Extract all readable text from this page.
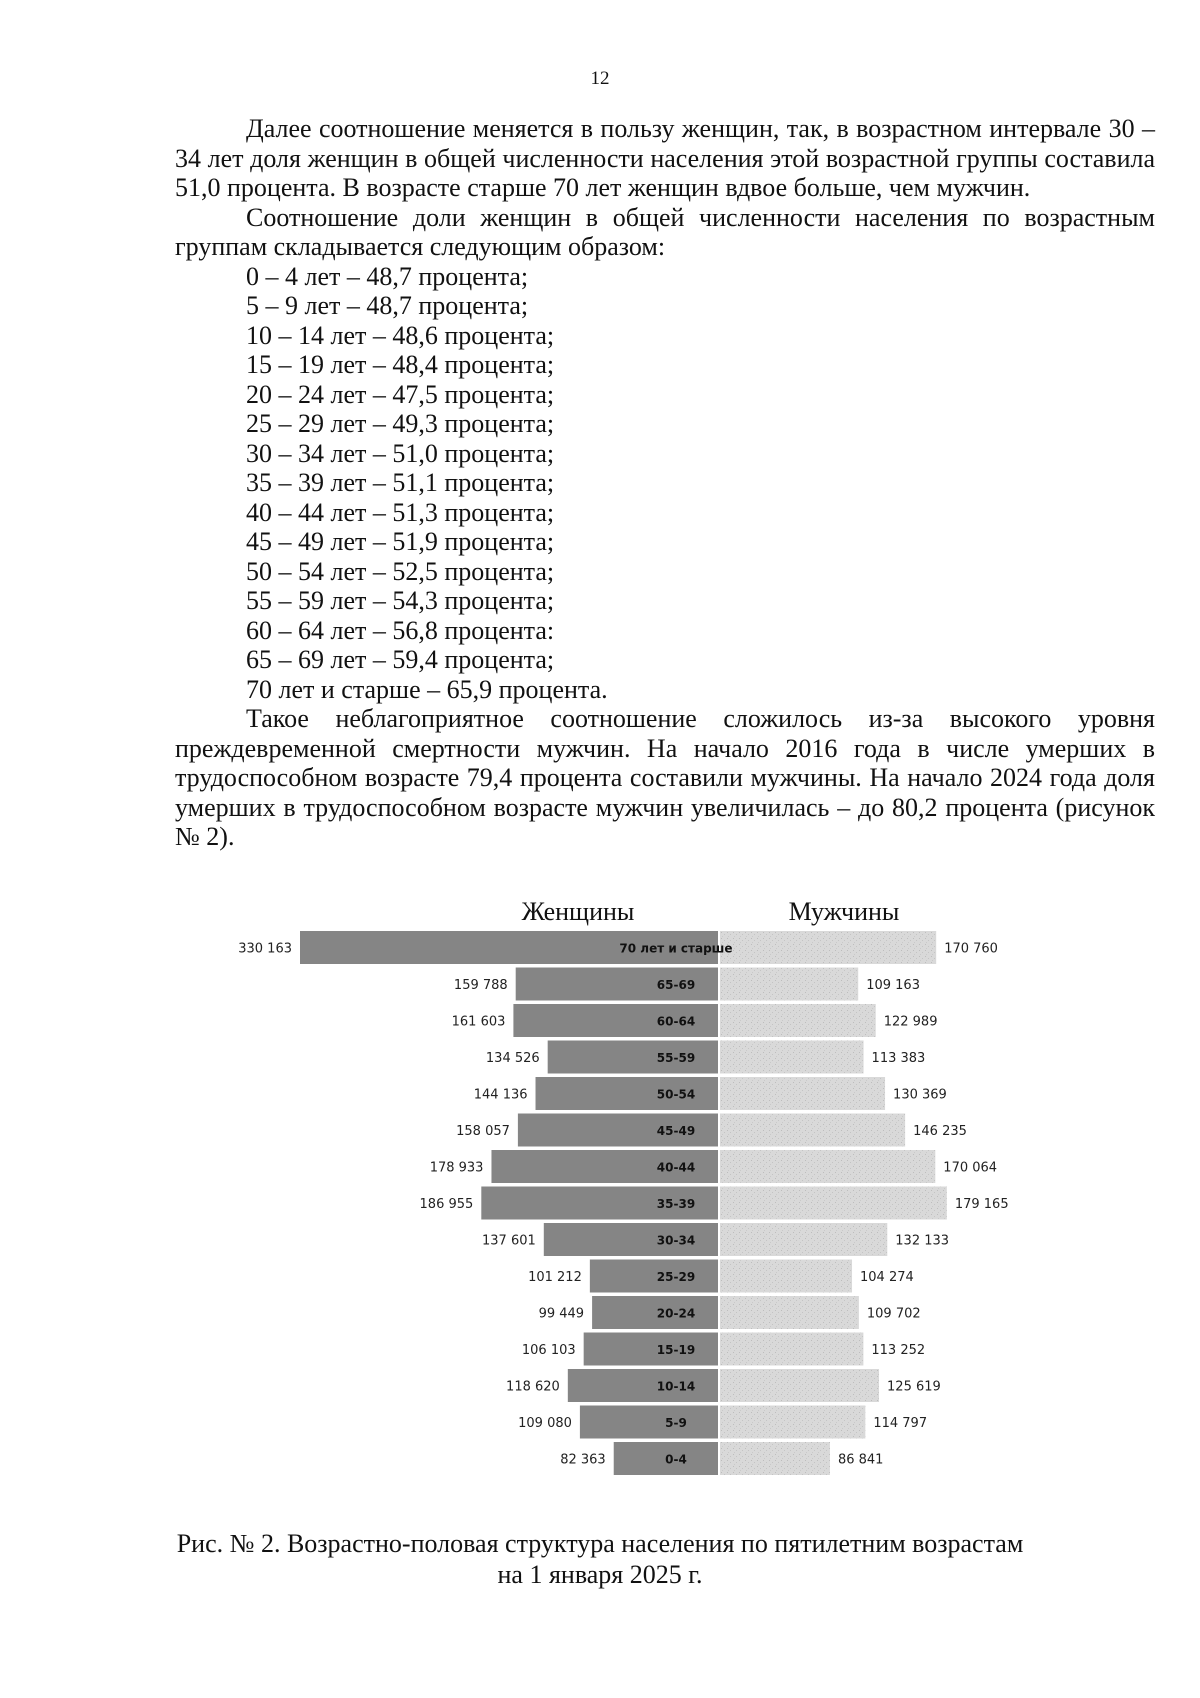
12

Далее соотношение меняется в пользу женщин, так, в возрастном интервале 30 – 34 лет доля женщин в общей численности населения этой возрастной группы составила 51,0 процента. В возрасте старше 70 лет женщин вдвое больше, чем мужчин.

Соотношение доли женщин в общей численности населения по возрастным группам складывается следующим образом:

0 – 4 лет – 48,7 процента;
5 – 9 лет – 48,7 процента;
10 – 14 лет – 48,6 процента;
15 – 19 лет – 48,4 процента;
20 – 24 лет – 47,5 процента;
25 – 29 лет – 49,3 процента;
30 – 34 лет – 51,0 процента;
35 – 39 лет – 51,1 процента;
40 – 44 лет – 51,3 процента;
45 – 49 лет – 51,9 процента;
50 – 54 лет – 52,5 процента;
55 – 59 лет – 54,3 процента;
60 – 64 лет – 56,8 процента:
65 – 69 лет – 59,4 процента;
70 лет и старше – 65,9 процента.

Такое неблагоприятное соотношение сложилось из-за высокого уровня преждевременной смертности мужчин. На начало 2016 года в числе умерших в трудоспособном возрасте 79,4 процента составили мужчины. На начало 2024 года доля умерших в трудоспособном возрасте мужчин увеличилась – до 80,2 процента (рисунок № 2).

Женщины	Мужчины
70 лет и старше
330 163	170 760
65-69
159 788	109 163
60-64
161 603	122 989
55-59
134 526	113 383
50-54
144 136	130 369
45-49
158 057	146 235
40-44
178 933	170 064
35-39
186 955	179 165
30-34
137 601	132 133
25-29
101 212	104 274
20-24
99 449	109 702
15-19
106 103	113 252
10-14
118 620	125 619
5-9
109 080	114 797
0-4
82 363	86 841
Рис. № 2. Возрастно-половая структура населения по пятилетним возрастам
на 1 января 2025 г.
